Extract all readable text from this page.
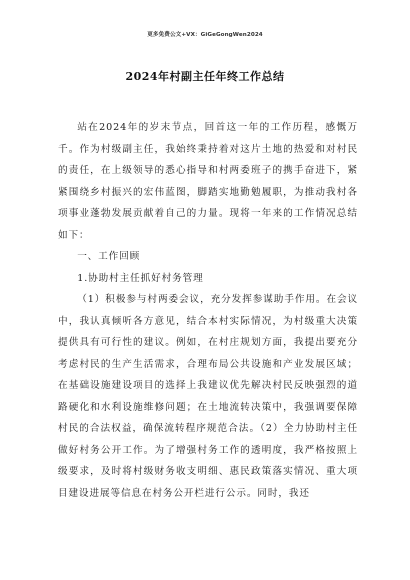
更多免费公文+VX：GiGeGongWen2024
2024年村副主任年终工作总结

站在2024年的岁末节点，回首这一年的工作历程，感慨万千。作为村级副主任，我始终秉持着对这片土地的热爱和对村民的责任，在上级领导的悉心指导和村两委班子的携手奋进下，紧紧围绕乡村振兴的宏伟蓝图，脚踏实地勤勉履职，为推动我村各项事业蓬勃发展贡献着自己的力量。现将一年来的工作情况总结如下：

一、工作回顾

1.协助村主任抓好村务管理

（1）积极参与村两委会议，充分发挥参谋助手作用。在会议中，我认真倾听各方意见，结合本村实际情况，为村级重大决策提供具有可行性的建议。例如，在村庄规划方面，我提出要充分考虑村民的生产生活需求，合理布局公共设施和产业发展区域；在基础设施建设项目的选择上我建议优先解决村民反映强烈的道路硬化和水利设施维修问题；在土地流转决策中，我强调要保障村民的合法权益，确保流转程序规范合法。（2）全力协助村主任做好村务公开工作。为了增强村务工作的透明度，我严格按照上级要求，及时将村级财务收支明细、惠民政策落实情况、重大项目建设进展等信息在村务公开栏进行公示。同时，我还
